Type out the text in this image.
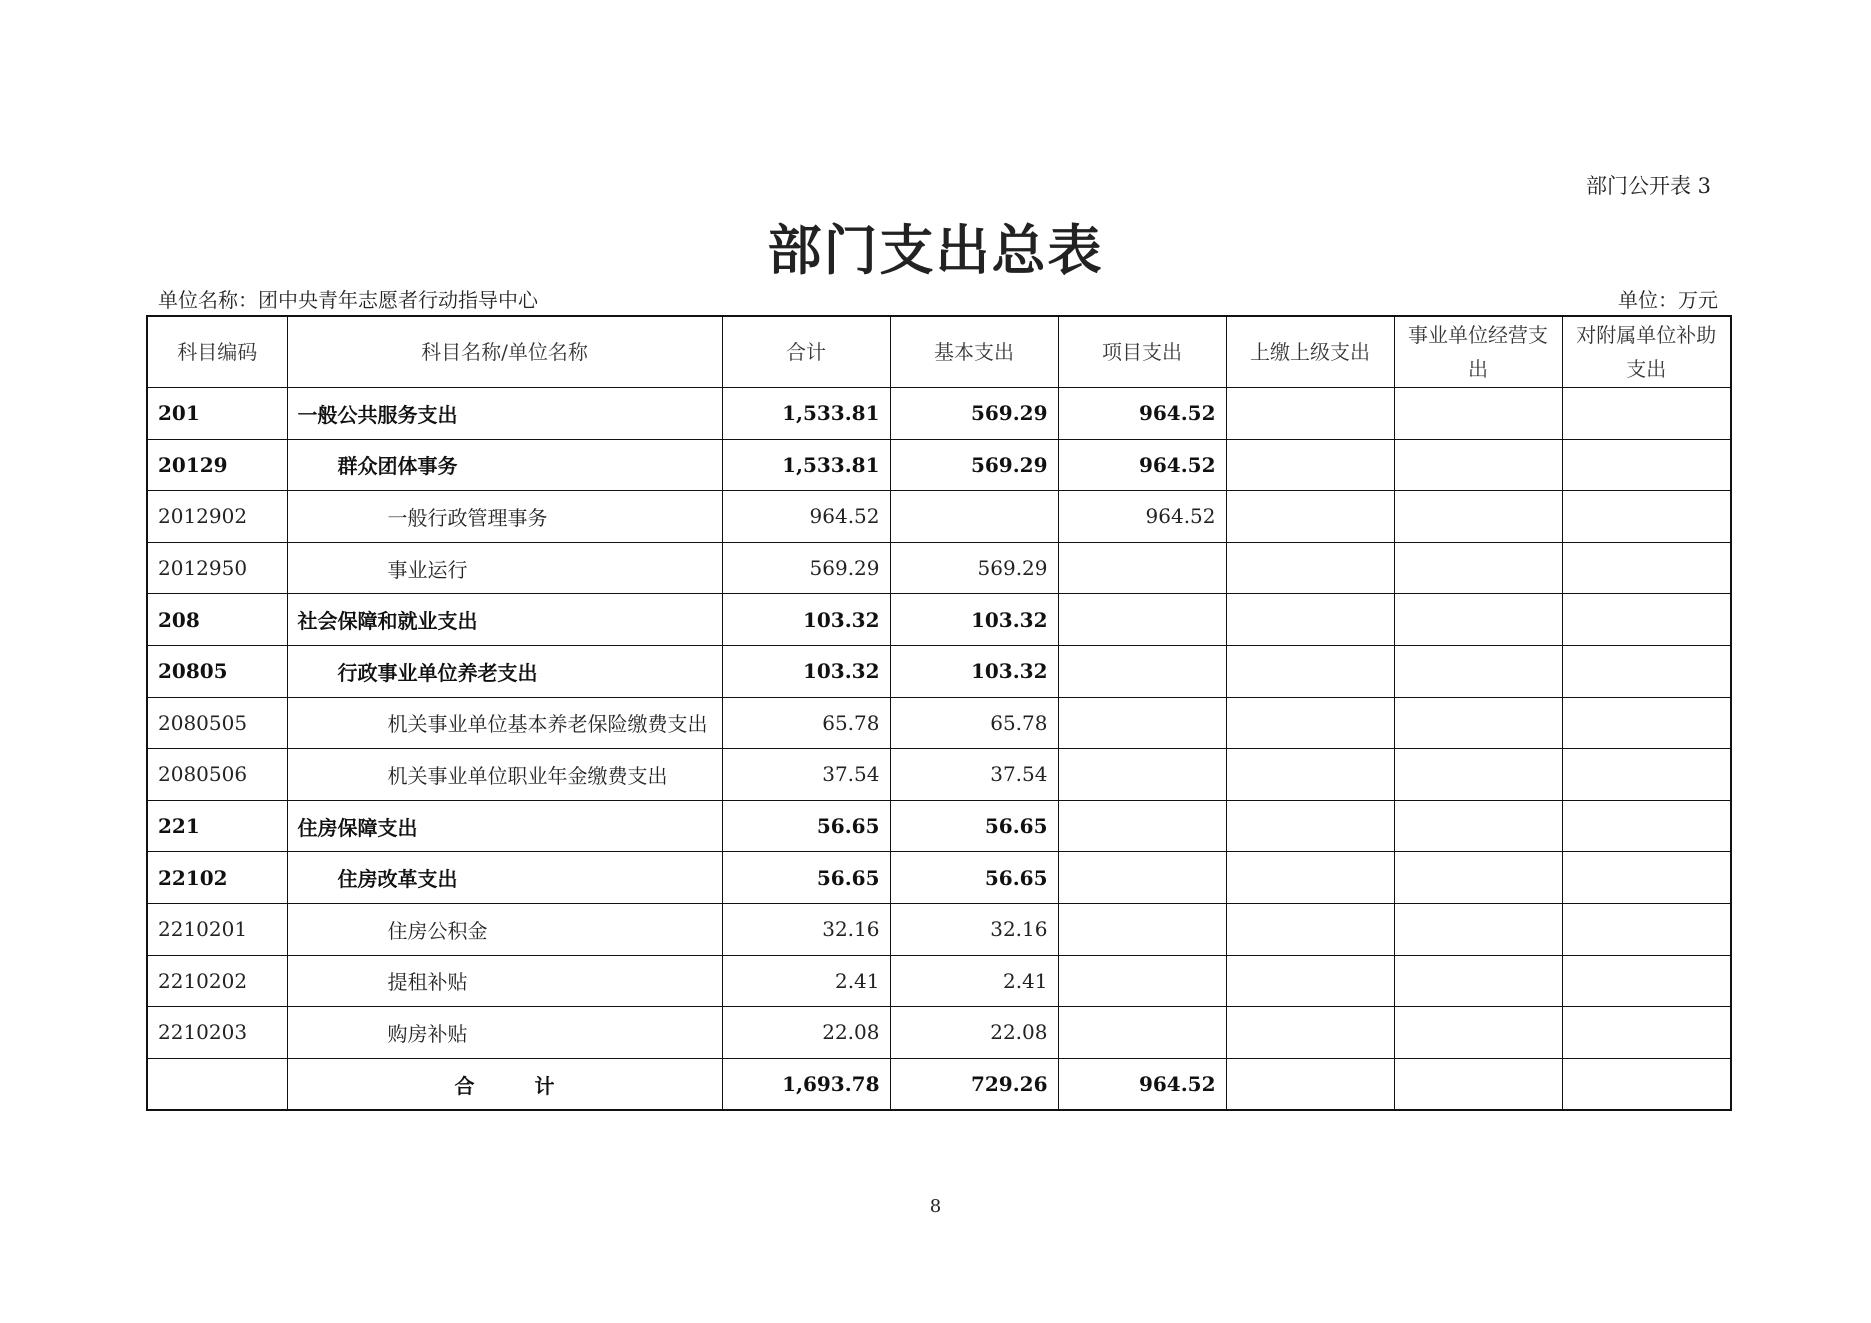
部门公开表 3
部门支出总表
单位名称：团中央青年志愿者行动指导中心	单位：万元
科目编码	科目名称/单位名称	合计	基本支出	项目支出	上缴上级支出	事业单位经营支出	对附属单位补助支出
201	一般公共服务支出	1,533.81	569.29	964.52			
20129	群众团体事务	1,533.81	569.29	964.52			
2012902	一般行政管理事务	964.52		964.52			
2012950	事业运行	569.29	569.29				
208	社会保障和就业支出	103.32	103.32				
20805	行政事业单位养老支出	103.32	103.32				
2080505	机关事业单位基本养老保险缴费支出	65.78	65.78				
2080506	机关事业单位职业年金缴费支出	37.54	37.54				
221	住房保障支出	56.65	56.65				
22102	住房改革支出	56.65	56.65				
2210201	住房公积金	32.16	32.16				
2210202	提租补贴	2.41	2.41				
2210203	购房补贴	22.08	22.08				
	合　　　计	1,693.78	729.26	964.52			
8
